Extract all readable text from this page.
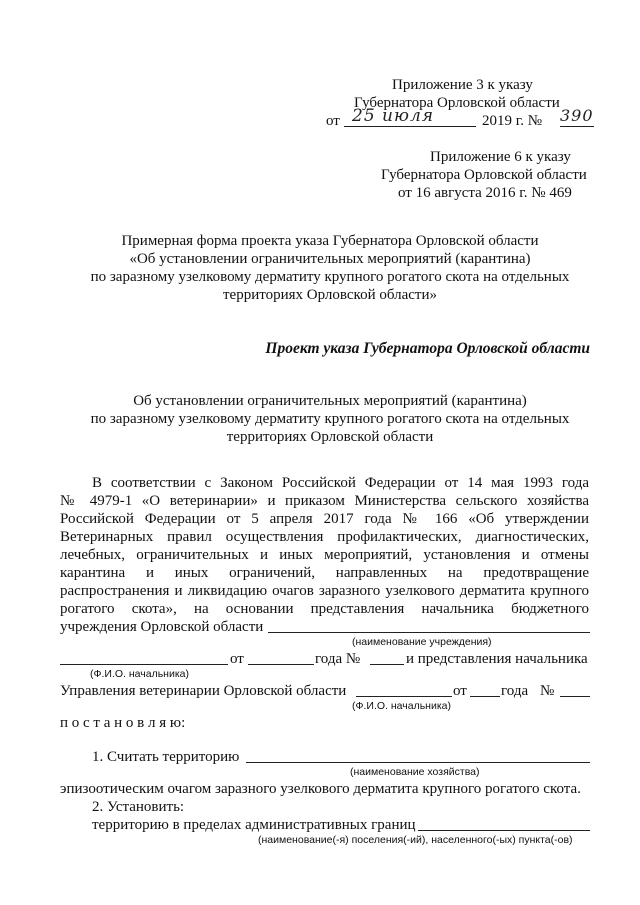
Приложение 3 к указу
Губернатора Орловской области
от 25 июля	2019 г. № 390
Приложение 6 к указу
Губернатора Орловской области
от 16 августа 2016 г. № 469
Примерная форма проекта указа Губернатора Орловской области
«Об установлении ограничительных мероприятий (карантина)
по заразному узелковому дерматиту крупного рогатого скота на отдельных
территориях Орловской области»
Проект указа Губернатора Орловской области
Об установлении ограничительных мероприятий (карантина)
по заразному узелковому дерматиту крупного рогатого скота на отдельных
территориях Орловской области
В соответствии с Законом Российской Федерации от 14 мая 1993 года
№ 4979-1 «О ветеринарии» и приказом Министерства сельского хозяйства
Российской Федерации от 5 апреля 2017 года № 166 «Об утверждении
Ветеринарных правил осуществления профилактических, диагностических,
лечебных, ограничительных и иных мероприятий, установления и отмены
карантина и иных ограничений, направленных на предотвращение
распространения и ликвидацию очагов заразного узелкового дерматита крупного
рогатого скота», на основании представления начальника бюджетного
учреждения Орловской области
(наименование учреждения)
от	года №	и представления начальника
(Ф.И.О. начальника)
Управления ветеринарии Орловской области	от года №
(Ф.И.О. начальника)
п о с т а н о в л я ю:
1. Считать территорию
(наименование хозяйства)
эпизоотическим очагом заразного узелкового дерматита крупного рогатого скота.
2. Установить:
территорию в пределах административных границ
(наименование(-я) поселения(-ий), населенного(-ых) пункта(-ов)
